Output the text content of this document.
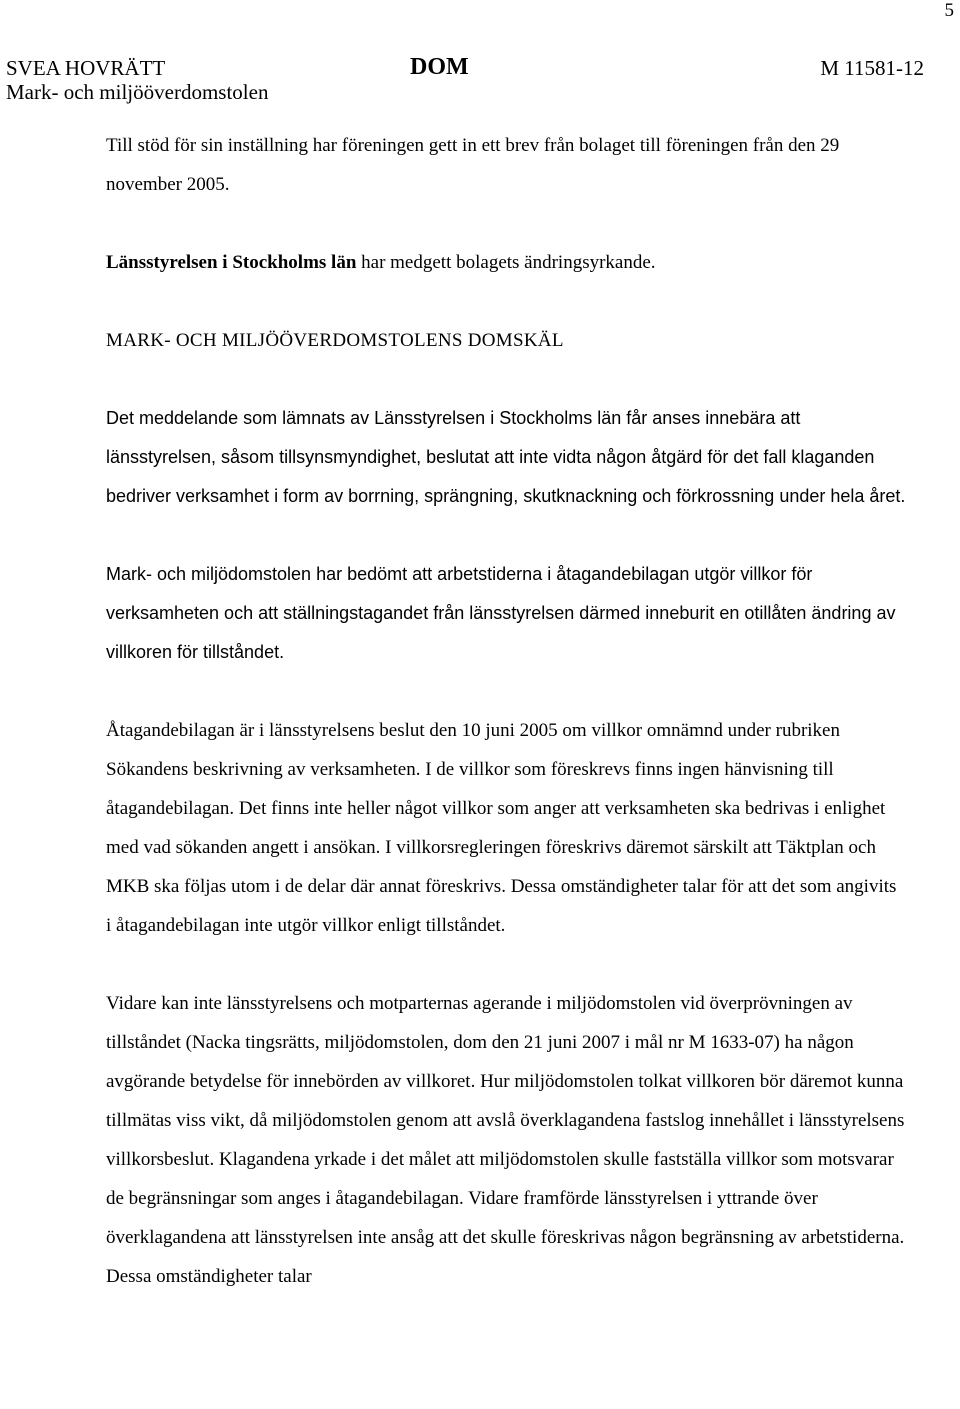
5
SVEA HOVRÄTT
Mark- och miljööverdomstolen
DOM	M 11581-12

Till stöd för sin inställning har föreningen gett in ett brev från bolaget till föreningen från den 29 november 2005.

Länsstyrelsen i Stockholms län har medgett bolagets ändringsyrkande.

MARK- OCH MILJÖÖVERDOMSTOLENS DOMSKÄL

Det meddelande som lämnats av Länsstyrelsen i Stockholms län får anses innebära att länsstyrelsen, såsom tillsynsmyndighet, beslutat att inte vidta någon åtgärd för det fall klaganden bedriver verksamhet i form av borrning, sprängning, skutknackning och förkrossning under hela året.

Mark- och miljödomstolen har bedömt att arbetstiderna i åtagandebilagan utgör villkor för verksamheten och att ställningstagandet från länsstyrelsen därmed inneburit en otillåten ändring av villkoren för tillståndet.

Åtagandebilagan är i länsstyrelsens beslut den 10 juni 2005 om villkor omnämnd under rubriken Sökandens beskrivning av verksamheten. I de villkor som föreskrevs finns ingen hänvisning till åtagandebilagan. Det finns inte heller något villkor som anger att verksamheten ska bedrivas i enlighet med vad sökanden angett i ansökan. I villkorsregleringen föreskrivs däremot särskilt att Täktplan och MKB ska följas utom i de delar där annat föreskrivs. Dessa omständigheter talar för att det som angivits i åtagandebilagan inte utgör villkor enligt tillståndet.

Vidare kan inte länsstyrelsens och motparternas agerande i miljödomstolen vid överprövningen av tillståndet (Nacka tingsrätts, miljödomstolen, dom den 21 juni 2007 i mål nr M 1633-07) ha någon avgörande betydelse för innebörden av villkoret. Hur miljödomstolen tolkat villkoren bör däremot kunna tillmätas viss vikt, då miljödomstolen genom att avslå överklagandena fastslog innehållet i länsstyrelsens villkorsbeslut. Klagandena yrkade i det målet att miljödomstolen skulle fastställa villkor som motsvarar de begränsningar som anges i åtagandebilagan. Vidare framförde länsstyrelsen i yttrande över överklagandena att länsstyrelsen inte ansåg att det skulle föreskrivas någon begränsning av arbetstiderna. Dessa omständigheter talar
